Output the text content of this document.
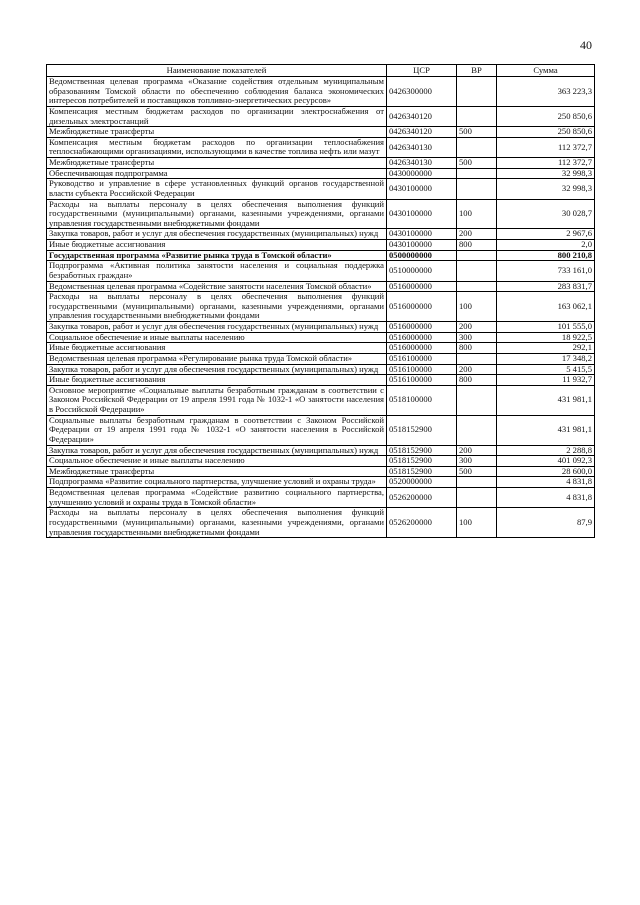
40
Наименование показателей	ЦСР	ВР	Сумма
Ведомственная целевая программа «Оказание содействия отдельным муниципальным образованиям Томской области по обеспечению соблюдения баланса экономических интересов потребителей и поставщиков топливно-энергетических ресурсов»	0426300000		363 223,3
Компенсация местным бюджетам расходов по организации электроснабжения от дизельных электростанций	0426340120		250 850,6
Межбюджетные трансферты	0426340120	500	250 850,6
Компенсация местным бюджетам расходов по организации теплоснабжения теплоснабжающими организациями, использующими в качестве топлива нефть или мазут	0426340130		112 372,7
Межбюджетные трансферты	0426340130	500	112 372,7
Обеспечивающая подпрограмма	0430000000		32 998,3
Руководство и управление в сфере установленных функций органов государственной власти субъекта Российской Федерации	0430100000		32 998,3
Расходы на выплаты персоналу в целях обеспечения выполнения функций государственными (муниципальными) органами, казенными учреждениями, органами управления государственными внебюджетными фондами	0430100000	100	30 028,7
Закупка товаров, работ и услуг для обеспечения государственных (муниципальных) нужд	0430100000	200	2 967,6
Иные бюджетные ассигнования	0430100000	800	2,0
Государственная программа «Развитие рынка труда в Томской области»	0500000000		800 210,8
Подпрограмма «Активная политика занятости населения и социальная поддержка безработных граждан»	0510000000		733 161,0
Ведомственная целевая программа «Содействие занятости населения Томской области»	0516000000		283 831,7
Расходы на выплаты персоналу в целях обеспечения выполнения функций государственными (муниципальными) органами, казенными учреждениями, органами управления государственными внебюджетными фондами	0516000000	100	163 062,1
Закупка товаров, работ и услуг для обеспечения государственных (муниципальных) нужд	0516000000	200	101 555,0
Социальное обеспечение и иные выплаты населению	0516000000	300	18 922,5
Иные бюджетные ассигнования	0516000000	800	292,1
Ведомственная целевая программа «Регулирование рынка труда Томской области»	0516100000		17 348,2
Закупка товаров, работ и услуг для обеспечения государственных (муниципальных) нужд	0516100000	200	5 415,5
Иные бюджетные ассигнования	0516100000	800	11 932,7
Основное мероприятие «Социальные выплаты безработным гражданам в соответствии с Законом Российской Федерации от 19 апреля 1991 года № 1032-1 «О занятости населения в Российской Федерации»	0518100000		431 981,1
Социальные выплаты безработным гражданам в соответствии с Законом Российской Федерации от 19 апреля 1991 года № 1032-1 «О занятости населения в Российской Федерации»	0518152900		431 981,1
Закупка товаров, работ и услуг для обеспечения государственных (муниципальных) нужд	0518152900	200	2 288,8
Социальное обеспечение и иные выплаты населению	0518152900	300	401 092,3
Межбюджетные трансферты	0518152900	500	28 600,0
Подпрограмма «Развитие социального партнерства, улучшение условий и охраны труда»	0520000000		4 831,8
Ведомственная целевая программа «Содействие развитию социального партнерства, улучшению условий и охраны труда в Томской области»	0526200000		4 831,8
Расходы на выплаты персоналу в целях обеспечения выполнения функций государственными (муниципальными) органами, казенными учреждениями, органами управления государственными внебюджетными фондами	0526200000	100	87,9
